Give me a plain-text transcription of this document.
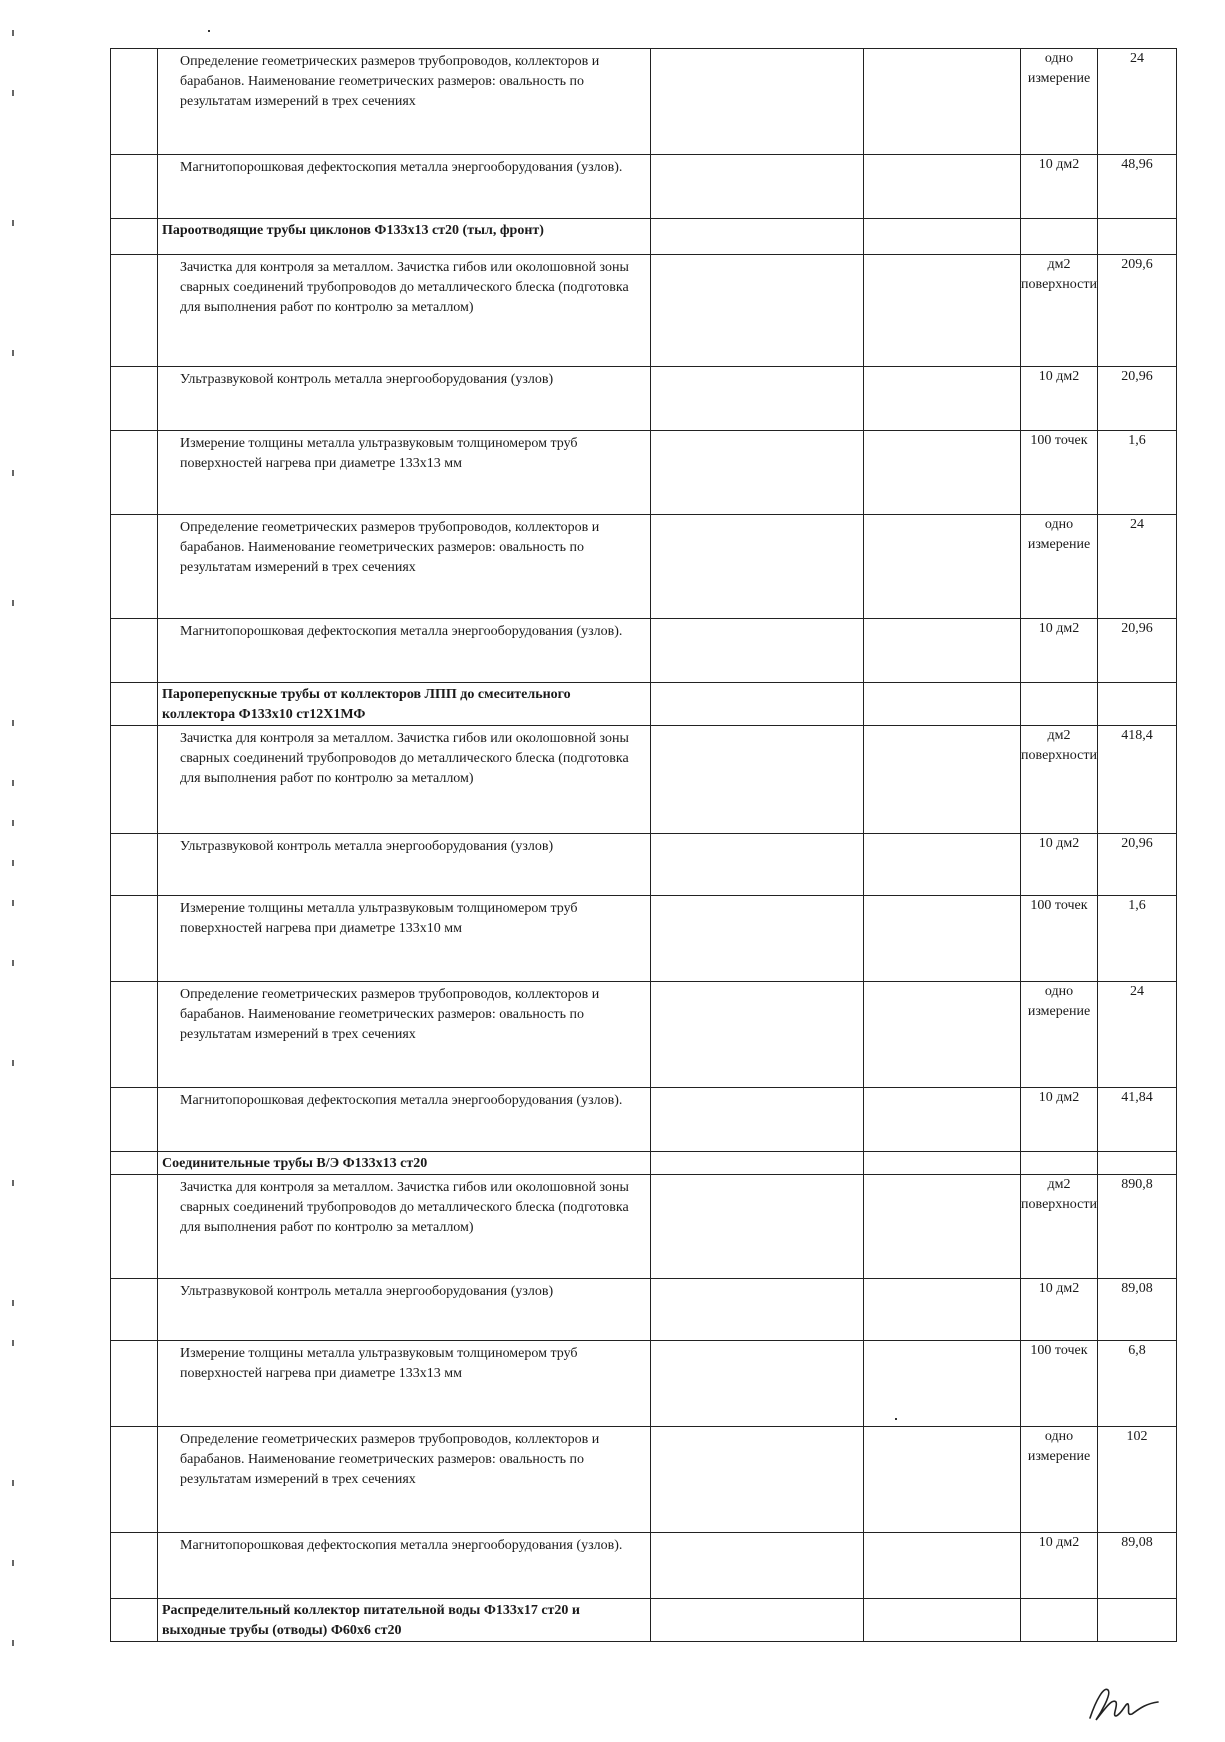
	Определение геометрических размеров трубопроводов, коллекторов и барабанов. Наименование геометрических размеров: овальность по результатам измерений в трех сечениях			одно измерение	24

	Магнитопорошковая дефектоскопия металла энергооборудования (узлов).			10 дм2	48,96

	Пароотводящие трубы циклонов Ф133х13 ст20 (тыл, фронт)				

	Зачистка для контроля за металлом. Зачистка гибов или околошовной зоны сварных соединений трубопроводов до металлического блеска (подготовка для выполнения работ по контролю за металлом)			дм2 поверхности	209,6

	Ультразвуковой контроль металла энергооборудования (узлов)			10 дм2	20,96

	Измерение толщины металла ультразвуковым толщиномером труб поверхностей нагрева при диаметре 133х13 мм			100 точек	1,6

	Определение геометрических размеров трубопроводов, коллекторов и барабанов. Наименование геометрических размеров: овальность по результатам измерений в трех сечениях			одно измерение	24

	Магнитопорошковая дефектоскопия металла энергооборудования (узлов).			10 дм2	20,96

	Пароперепускные трубы от коллекторов ЛПП до смесительного коллектора Ф133х10 ст12Х1МФ				

	Зачистка для контроля за металлом. Зачистка гибов или околошовной зоны сварных соединений трубопроводов до металлического блеска (подготовка для выполнения работ по контролю за металлом)			дм2 поверхности	418,4

	Ультразвуковой контроль металла энергооборудования (узлов)			10 дм2	20,96

	Измерение толщины металла ультразвуковым толщиномером труб поверхностей нагрева при диаметре 133х10 мм			100 точек	1,6

	Определение геометрических размеров трубопроводов, коллекторов и барабанов. Наименование геометрических размеров: овальность по результатам измерений в трех сечениях			одно измерение	24

	Магнитопорошковая дефектоскопия металла энергооборудования (узлов).			10 дм2	41,84

	Соединительные трубы В/Э Ф133х13 ст20				

	Зачистка для контроля за металлом. Зачистка гибов или околошовной зоны сварных соединений трубопроводов до металлического блеска (подготовка для выполнения работ по контролю за металлом)			дм2 поверхности	890,8

	Ультразвуковой контроль металла энергооборудования (узлов)			10 дм2	89,08

	Измерение толщины металла ультразвуковым толщиномером труб поверхностей нагрева при диаметре 133х13 мм			100 точек	6,8

	Определение геометрических размеров трубопроводов, коллекторов и барабанов. Наименование геометрических размеров: овальность по результатам измерений в трех сечениях			одно измерение	102

	Магнитопорошковая дефектоскопия металла энергооборудования (узлов).			10 дм2	89,08

	Распределительный коллектор питательной воды Ф133х17 ст20 и выходные трубы (отводы) Ф60х6 ст20				
